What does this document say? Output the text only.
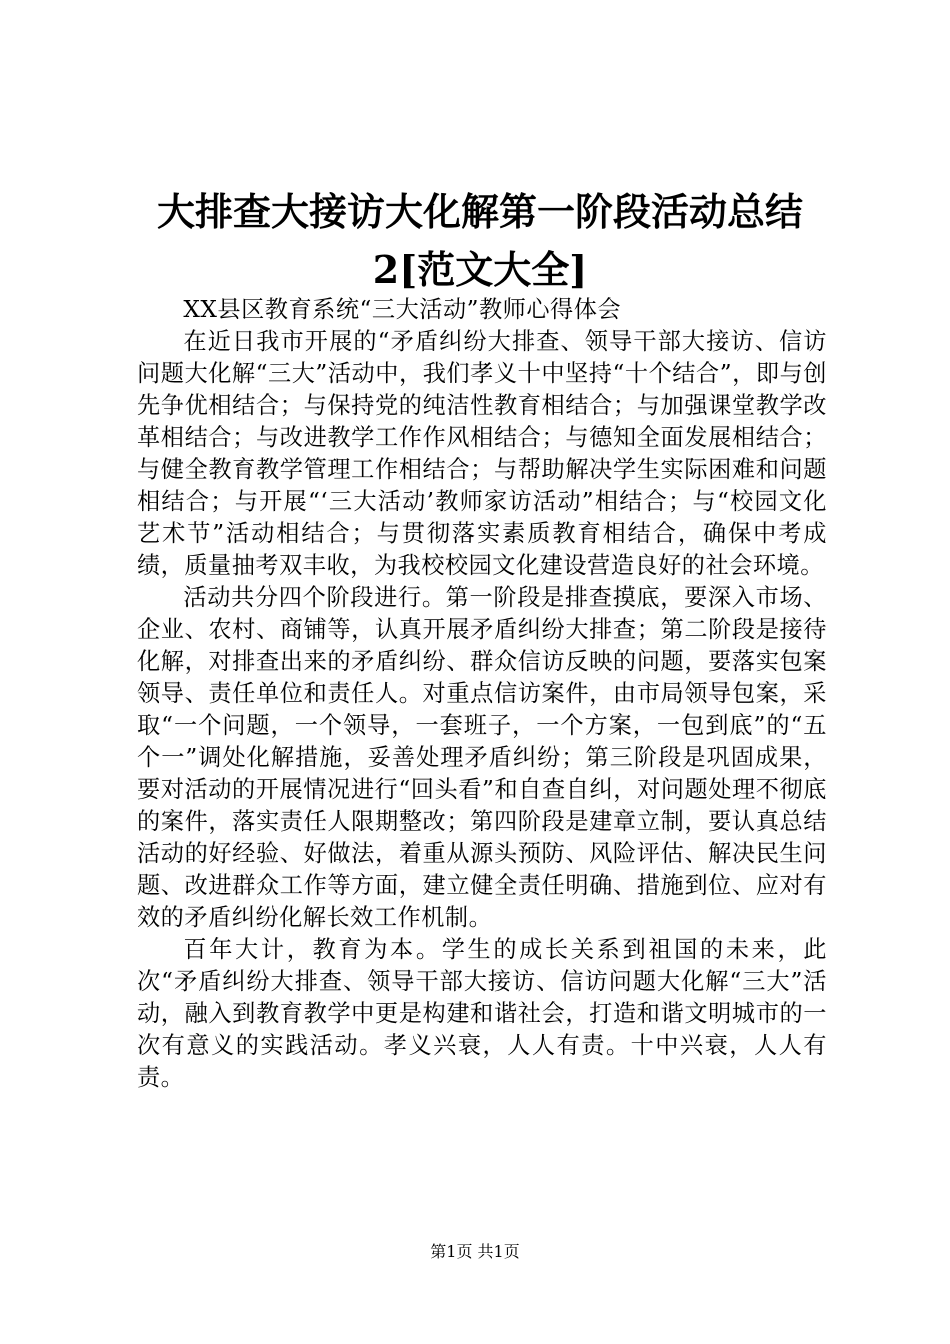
大排查大接访大化解第一阶段活动总结2[范文大全]

XX县区教育系统“三大活动”教师心得体会

在近日我市开展的“矛盾纠纷大排查、领导干部大接访、信访问题大化解“三大”活动中，我们孝义十中坚持“十个结合”，即与创先争优相结合；与保持党的纯洁性教育相结合；与加强课堂教学改革相结合；与改进教学工作作风相结合；与德知全面发展相结合；与健全教育教学管理工作相结合；与帮助解决学生实际困难和问题相结合；与开展“‘三大活动’教师家访活动”相结合；与“校园文化艺术节”活动相结合；与贯彻落实素质教育相结合，确保中考成绩，质量抽考双丰收，为我校校园文化建设营造良好的社会环境。

活动共分四个阶段进行。第一阶段是排查摸底，要深入市场、企业、农村、商铺等，认真开展矛盾纠纷大排查；第二阶段是接待化解，对排查出来的矛盾纠纷、群众信访反映的问题，要落实包案领导、责任单位和责任人。对重点信访案件，由市局领导包案，采取“一个问题，一个领导，一套班子，一个方案，一包到底”的“五个一”调处化解措施，妥善处理矛盾纠纷；第三阶段是巩固成果，要对活动的开展情况进行“回头看”和自查自纠，对问题处理不彻底的案件，落实责任人限期整改；第四阶段是建章立制，要认真总结活动的好经验、好做法，着重从源头预防、风险评估、解决民生问题、改进群众工作等方面，建立健全责任明确、措施到位、应对有效的矛盾纠纷化解长效工作机制。

百年大计，教育为本。学生的成长关系到祖国的未来，此次“矛盾纠纷大排查、领导干部大接访、信访问题大化解“三大”活动，融入到教育教学中更是构建和谐社会，打造和谐文明城市的一次有意义的实践活动。孝义兴衰，人人有责。十中兴衰，人人有责。

第1页 共1页
